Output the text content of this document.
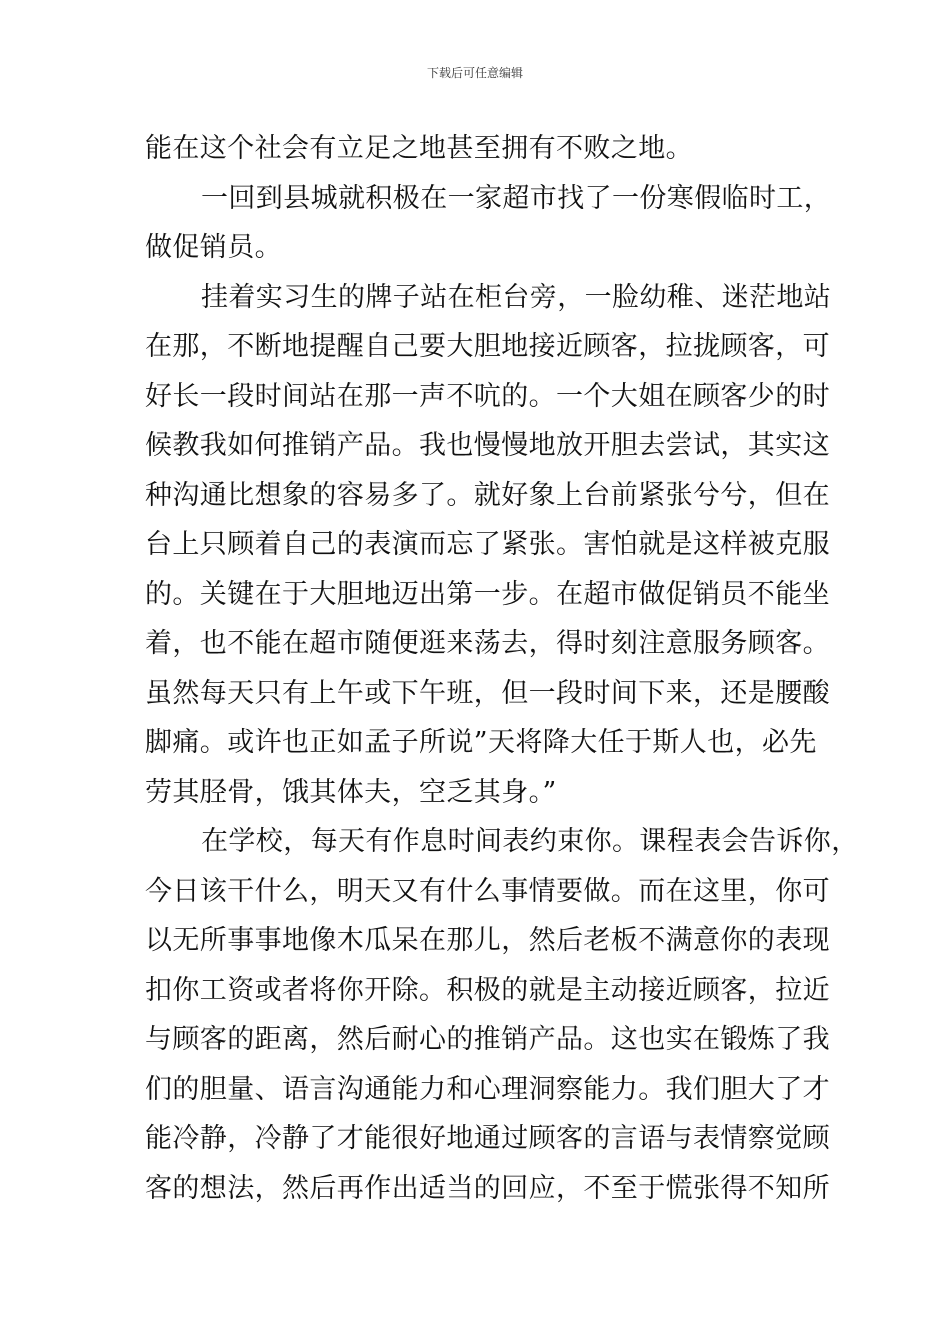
下载后可任意编辑
能在这个社会有立足之地甚至拥有不败之地。
一回到县城就积极在一家超市找了一份寒假临时工，
做促销员。
挂着实习生的牌子站在柜台旁，一脸幼稚、迷茫地站
在那，不断地提醒自己要大胆地接近顾客，拉拢顾客，可
好长一段时间站在那一声不吭的。一个大姐在顾客少的时
候教我如何推销产品。我也慢慢地放开胆去尝试，其实这
种沟通比想象的容易多了。就好象上台前紧张兮兮，但在
台上只顾着自己的表演而忘了紧张。害怕就是这样被克服
的。关键在于大胆地迈出第一步。在超市做促销员不能坐
着，也不能在超市随便逛来荡去，得时刻注意服务顾客。
虽然每天只有上午或下午班，但一段时间下来，还是腰酸
脚痛。或许也正如孟子所说”天将降大任于斯人也，必先
劳其胫骨，饿其体夫，空乏其身。”
在学校，每天有作息时间表约束你。课程表会告诉你，
今日该干什么，明天又有什么事情要做。而在这里，你可
以无所事事地像木瓜呆在那儿，然后老板不满意你的表现
扣你工资或者将你开除。积极的就是主动接近顾客，拉近
与顾客的距离，然后耐心的推销产品。这也实在锻炼了我
们的胆量、语言沟通能力和心理洞察能力。我们胆大了才
能冷静，冷静了才能很好地通过顾客的言语与表情察觉顾
客的想法，然后再作出适当的回应，不至于慌张得不知所
